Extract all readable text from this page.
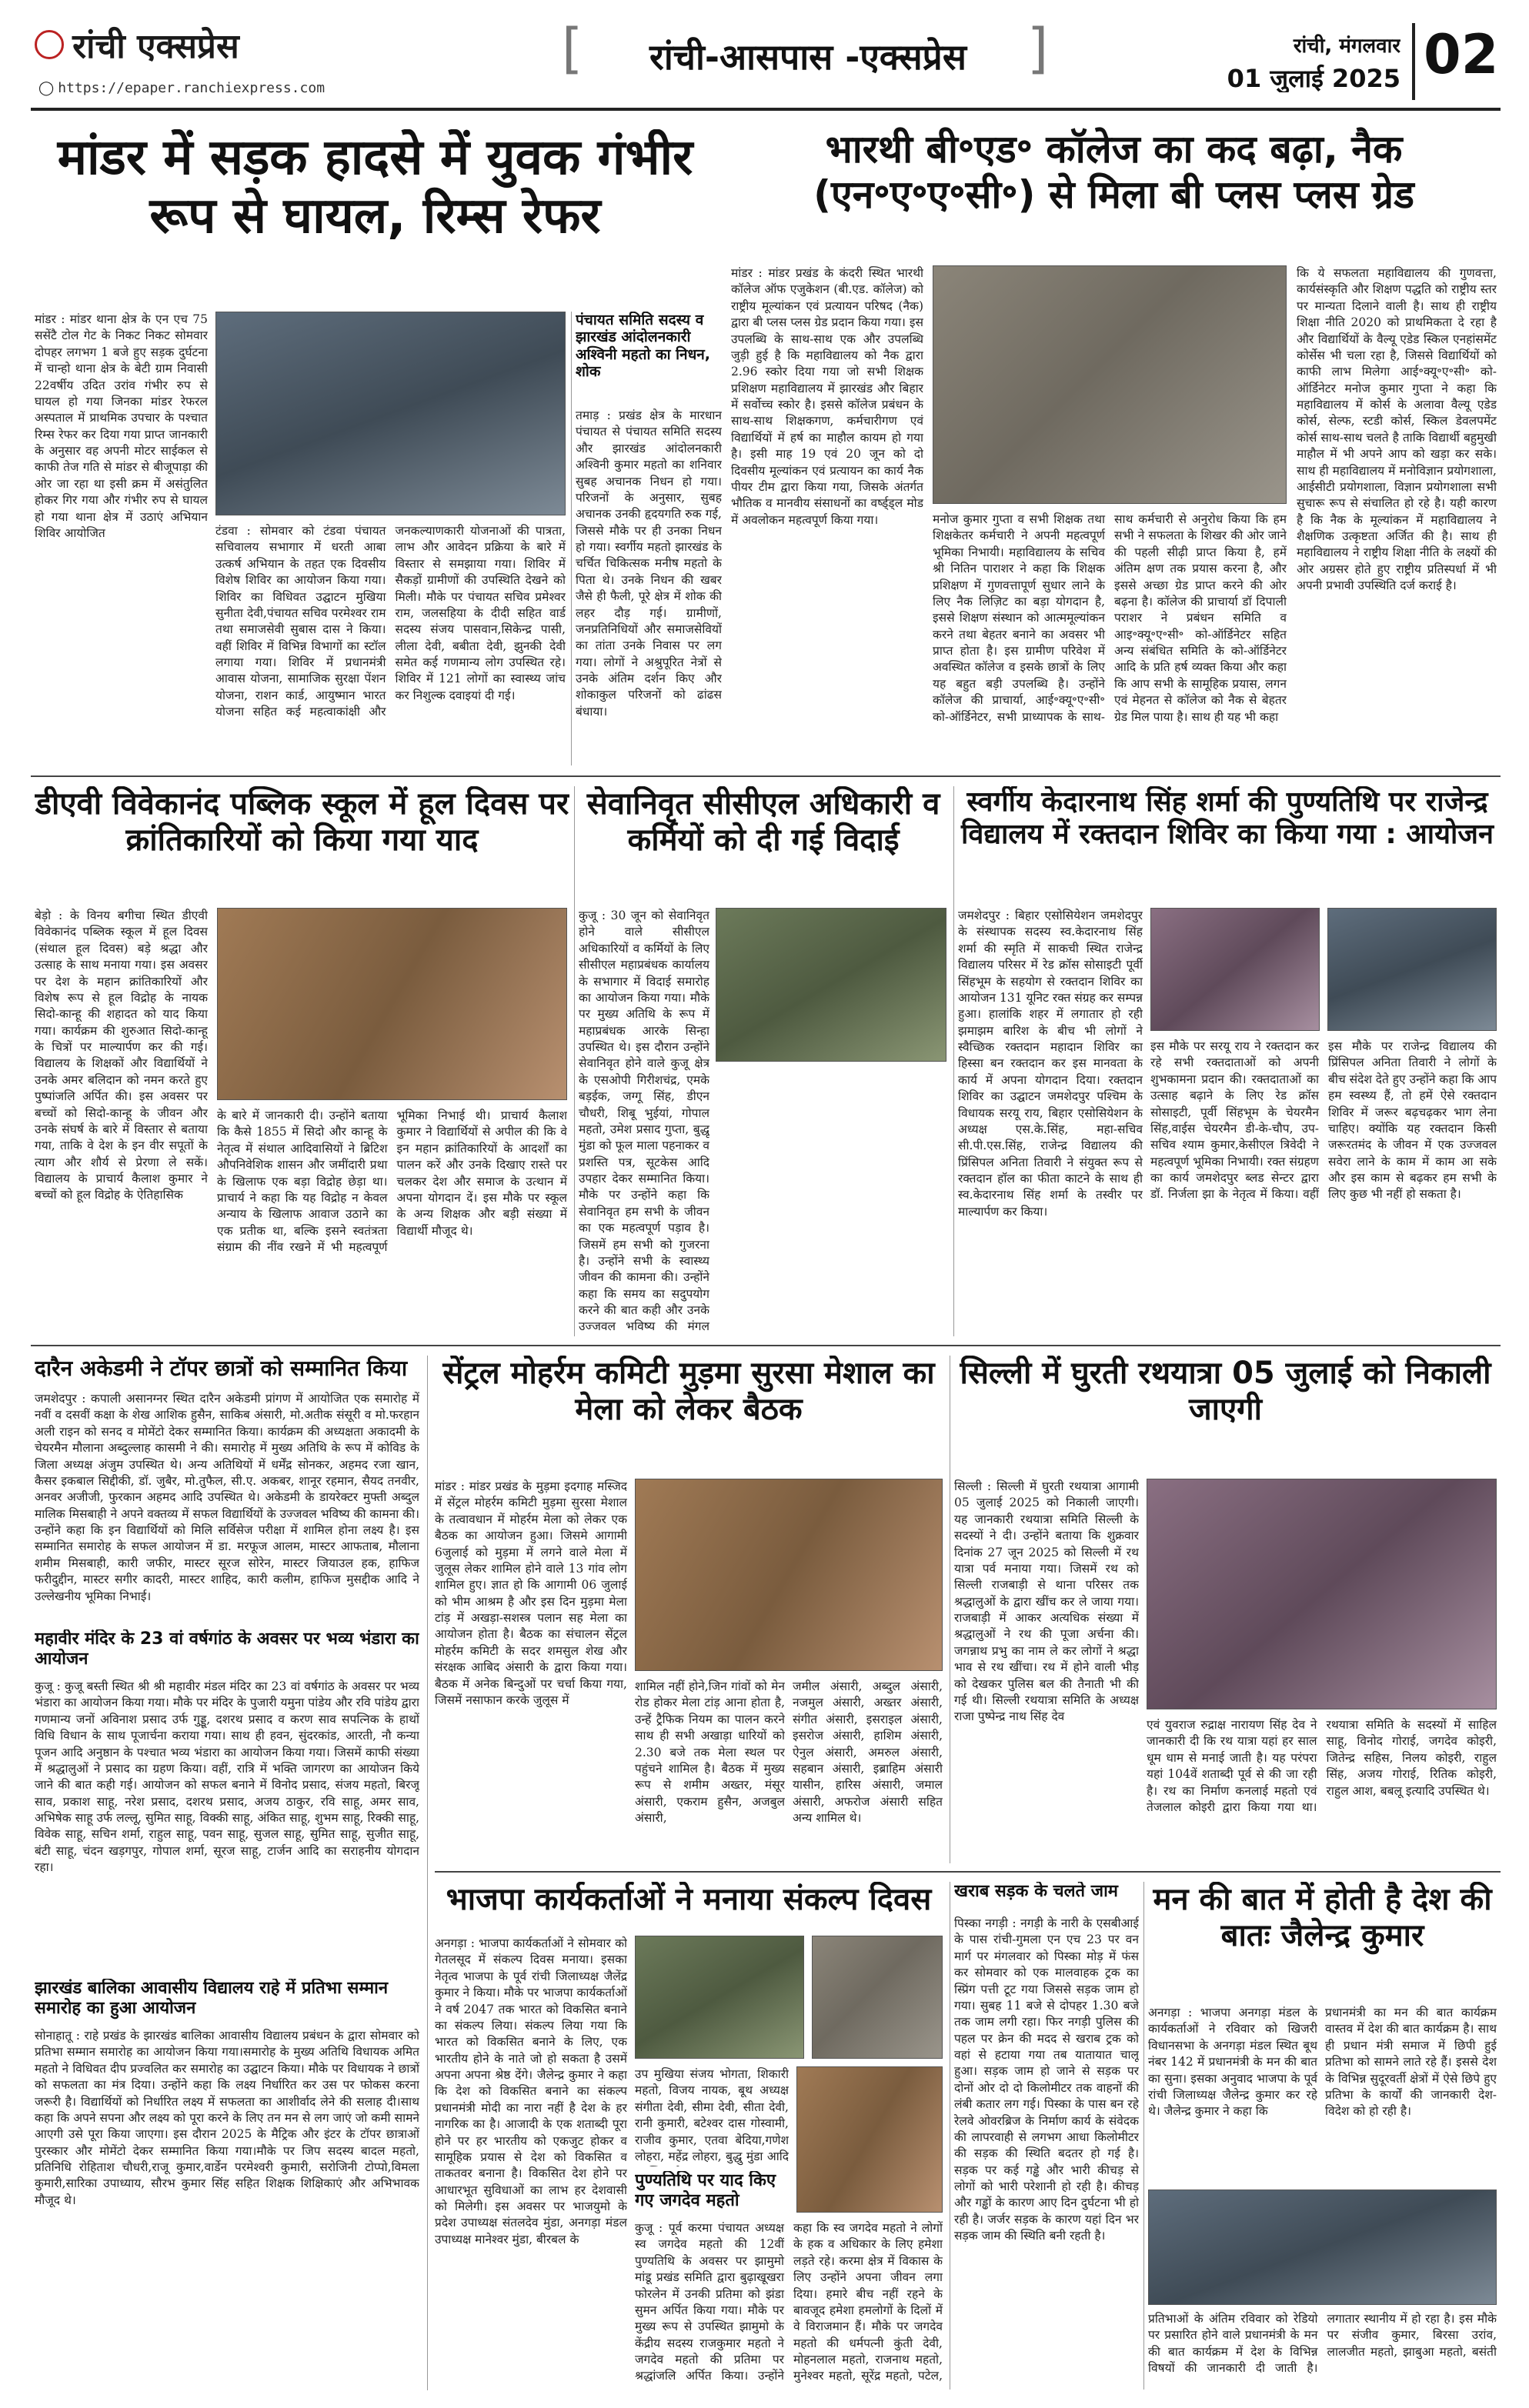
रांची एक्सप्रेस
◯ https://epaper.ranchiexpress.com
[	रांची-आसपास -एक्सप्रेस	]	रांची, मंगलवार
01 जुलाई 2025 02
मांडर में सड़क हादसे में युवक गंभीर रूप से घायल, रिम्स रेफर
मांडर : मांडर थाना क्षेत्र के एन एच 75 ससेंटै टोल गेट के निकट निकट सोमवार दोपहर लगभग 1 बजे हुए सड़क दुर्घटना में चान्हो थाना क्षेत्र के बेटी ग्राम निवासी 22वर्षीय उदित उरांव गंभीर रुप से घायल हो गया जिनका मांडर रेफरल अस्पताल में प्राथमिक उपचार के पश्चात रिम्स रेफर कर दिया गया प्राप्त जानकारी के अनुसार वह अपनी मोटर साईकल से काफी तेज गति से मांडर से बीजूपाड़ा की ओर जा रहा था इसी क्रम में असंतुलित होकर गिर गया और गंभीर रुप से घायल हो गया थाना क्षेत्र में उठाएं अभियान शिविर आयोजित	टंडवा : सोमवार को टंडवा पंचायत सचिवालय सभागार में धरती आबा उत्कर्ष अभियान के तहत एक दिवसीय विशेष शिविर का आयोजन किया गया। शिविर का विधिवत उद्घाटन मुखिया सुनीता देवी,पंचायत सचिव परमेश्वर राम तथा समाजसेवी सुबास दास ने किया। वहीं शिविर में विभिन्न विभागों का स्टॉल लगाया गया। शिविर में प्रधानमंत्री आवास योजना, सामाजिक सुरक्षा पेंशन योजना, राशन कार्ड, आयुष्मान भारत योजना सहित कई महत्वाकांक्षी और जनकल्याणकारी योजनाओं की पात्रता, लाभ और आवेदन प्रक्रिया के बारे में विस्तार से समझाया गया। शिविर में सैकड़ों ग्रामीणों की उपस्थिति देखने को मिली। मौके पर पंचायत सचिव प्रमेश्वर राम, जलसहिया के दीदी सहित वार्ड सदस्य संजय पासवान,सिकेन्द्र पासी, लीला देवी, बबीता देवी, झुनकी देवी समेत कई गणमान्य लोग उपस्थित रहे। शिविर में 121 लोगों का स्वास्थ्य जांच कर निशुल्क दवाइयां दी गई।
पंचायत समिति सदस्य व झारखंड आंदोलनकारी अश्विनी महतो का निधन, शोक
तमाड़ : प्रखंड क्षेत्र के मारधान पंचायत से पंचायत समिति सदस्य और झारखंड आंदोलनकारी अश्विनी कुमार महतो का शनिवार सुबह अचानक निधन हो गया। परिजनों के अनुसार, सुबह अचानक उनकी हृदयगति रुक गई, जिससे मौके पर ही उनका निधन हो गया। स्वर्गीय महतो झारखंड के चर्चित चिकित्सक मनीष महतो के पिता थे। उनके निधन की खबर जैसे ही फैली, पूरे क्षेत्र में शोक की लहर दौड़ गई। ग्रामीणों, जनप्रतिनिधियों और समाजसेवियों का तांता उनके निवास पर लग गया। लोगों ने अश्रुपूरित नेत्रों से उनके अंतिम दर्शन किए और शोकाकुल परिजनों को ढांढस बंधाया।
भारथी बी॰एड॰ कॉलेज का कद बढ़ा, नैक (एन॰ए॰ए॰सी॰) से मिला बी प्लस प्लस ग्रेड
मांडर : मांडर प्रखंड के कंदरी स्थित भारथी कॉलेज ऑफ एजुकेशन (बी.एड. कॉलेज) को राष्ट्रीय मूल्यांकन एवं प्रत्यायन परिषद (नैक) द्वारा बी प्लस प्लस ग्रेड प्रदान किया गया। इस उपलब्धि के साथ-साथ एक और उपलब्धि जुड़ी हुई है कि महाविद्यालय को नैक द्वारा 2.96 स्कोर दिया गया जो सभी शिक्षक प्रशिक्षण महाविद्यालय में झारखंड और बिहार में सर्वोच्च स्कोर है। इससे कॉलेज प्रबंधन के साथ-साथ शिक्षकगण, कर्मचारीगण एवं विद्यार्थियों में हर्ष का माहौल कायम हो गया है। इसी माह 19 एवं 20 जून को दो दिवसीय मूल्यांकन एवं प्रत्यायन का कार्य नैक पीयर टीम द्वारा किया गया, जिसके अंतर्गत भौतिक व मानवीय संसाधनों का वर्ष्ड्ड्ल मोड में अवलोकन महत्वपूर्ण किया गया।	मनोज कुमार गुप्ता व सभी शिक्षक तथा शिक्षकेतर कर्मचारी ने अपनी महत्वपूर्ण भूमिका निभायी। महाविद्यालय के सचिव श्री नितिन पाराशर ने कहा कि शिक्षक प्रशिक्षण में गुणवत्तापूर्ण सुधार लाने के लिए नैक लिज़िट का बड़ा योगदान है, इससे शिक्षण संस्थान को आत्ममूल्यांकन करने तथा बेहतर बनाने का अवसर भी प्राप्त होता है। इस ग्रामीण परिवेश में अवस्थित कॉलेज व इसके छात्रों के लिए यह बहुत बड़ी उपलब्धि है। उन्होंने कॉलेज की प्राचार्या, आई॰क्यू॰ए॰सी॰ को-ऑर्डिनेटर, सभी प्राध्यापक के साथ-साथ कर्मचारी से अनुरोध किया कि हम सभी ने सफलता के शिखर की ओर जाने की पहली सीढ़ी प्राप्त किया है, हमें अंतिम क्षण तक प्रयास करना है, और इससे अच्छा ग्रेड प्राप्त करने की ओर बढ़ना है। कॉलेज की प्राचार्या डॉ दिपाली पराशर ने प्रबंधन समिति व आइ॰क्यू॰ए॰सी॰ को-ऑर्डिनेटर सहित अन्य संबंधित समिति के को-ऑर्डिनेटर आदि के प्रति हर्ष व्यक्त किया और कहा कि आप सभी के सामूहिक प्रयास, लगन एवं मेहनत से कॉलेज को नैक से बेहतर ग्रेड मिल पाया है। साथ ही यह भी कहा
कि ये सफलता महाविद्यालय की गुणवत्ता, कार्यसंस्कृति और शिक्षण पद्धति को राष्ट्रीय स्तर पर मान्यता दिलाने वाली है। साथ ही राष्ट्रीय शिक्षा नीति 2020 को प्राथमिकता दे रहा है और विद्यार्थियों के वैल्यू एडेड स्किल एनहांसमेंट कोर्सेस भी चला रहा है, जिससे विद्यार्थियों को काफी लाभ मिलेगा आई॰क्यू॰ए॰सी॰ को-ऑर्डिनेटर मनोज कुमार गुप्ता ने कहा कि महाविद्यालय में कोर्स के अलावा वैल्यू एडेड कोर्स, सेल्फ, स्टडी कोर्स, स्किल डेवलपमेंट कोर्स साथ-साथ चलते है ताकि विद्यार्थी बहुमुखी माहौल में भी अपने आप को खड़ा कर सके। साथ ही महाविद्यालय में मनोविज्ञान प्रयोगशाला, आईसीटी प्रयोगशाला, विज्ञान प्रयोगशाला सभी सुचारू रूप से संचालित हो रहे है। यही कारण है कि नैक के मूल्यांकन में महाविद्यालय ने शैक्षणिक उत्कृष्टता अर्जित की है। साथ ही महाविद्यालय ने राष्ट्रीय शिक्षा नीति के लक्ष्यों की ओर अग्रसर होते हुए राष्ट्रीय प्रतिस्पर्धा में भी अपनी प्रभावी उपस्थिति दर्ज कराई है।
डीएवी विवेकानंद पब्लिक स्कूल में हूल दिवस पर क्रांतिकारियों को किया गया याद
बेड़ो : के विनय बगीचा स्थित डीएवी विवेकानंद पब्लिक स्कूल में हूल दिवस (संथाल हूल दिवस) बड़े श्रद्धा और उत्साह के साथ मनाया गया। इस अवसर पर देश के महान क्रांतिकारियों और विशेष रूप से हूल विद्रोह के नायक सिदो-कान्हू की शहादत को याद किया गया। कार्यक्रम की शुरुआत सिदो-कान्हू के चित्रों पर माल्यार्पण कर की गई। विद्यालय के शिक्षकों और विद्यार्थियों ने उनके अमर बलिदान को नमन करते हुए पुष्पांजलि अर्पित की। इस अवसर पर बच्चों को सिदो-कान्हू के जीवन और उनके संघर्ष के बारे में विस्तार से बताया गया, ताकि वे देश के इन वीर सपूतों के त्याग और शौर्य से प्रेरणा ले सकें। विद्यालय के प्राचार्य कैलाश कुमार ने बच्चों को हूल विद्रोह के ऐतिहासिक
के बारे में जानकारी दी। उन्होंने बताया कि कैसे 1855 में सिदो और कान्हू के नेतृत्व में संथाल आदिवासियों ने ब्रिटिश औपनिवेशिक शासन और जमींदारी प्रथा के खिलाफ एक बड़ा विद्रोह छेड़ा था। प्राचार्य ने कहा कि यह विद्रोह न केवल अन्याय के खिलाफ आवाज उठाने का एक प्रतीक था, बल्कि इसने स्वतंत्रता संग्राम की नींव रखने में भी महत्वपूर्ण भूमिका निभाई थी। प्राचार्य कैलाश कुमार ने विद्यार्थियों से अपील की कि वे इन महान क्रांतिकारियों के आदर्शों का पालन करें और उनके दिखाए रास्ते पर चलकर देश और समाज के उत्थान में अपना योगदान दें। इस मौके पर स्कूल के अन्य शिक्षक और बड़ी संख्या में विद्यार्थी मौजूद थे।
सेवानिवृत सीसीएल अधिकारी व कर्मियों को दी गई विदाई
कुजू : 30 जून को सेवानिवृत होने वाले सीसीएल अधिकारियों व कर्मियों के लिए सीसीएल महाप्रबंधक कार्यालय के सभागार में विदाई समारोह का आयोजन किया गया। मौके पर मुख्य अतिथि के रूप में महाप्रबंधक आरके सिन्हा उपस्थित थे। इस दौरान उन्होंने सेवानिवृत होने वाले कुजू क्षेत्र के एसओपी गिरीशचंद्र, एमके बड़ईक, जग्गू सिंह, डीएन चौधरी, शिबू भुईयां, गोपाल महतो, उमेश प्रसाद गुप्ता, बुद्धू मुंडा को फूल माला पहनाकर व प्रशस्ति पत्र, सूटकेस आदि उपहार देकर सम्मानित किया। मौके पर उन्होंने कहा कि सेवानिवृत हम सभी के जीवन का एक महत्वपूर्ण पड़ाव है। जिसमें हम सभी को गुजरना है। उन्होंने सभी के स्वास्थ्य जीवन की कामना की। उन्होंने कहा कि समय का सदुपयोग करने की बात कही और उनके उज्जवल भविष्य की मंगल
स्वर्गीय केदारनाथ सिंह शर्मा की पुण्यतिथि पर राजेन्द्र विद्यालय में रक्तदान शिविर का किया गया : आयोजन
जमशेदपुर : बिहार एसोसियेशन जमशेदपुर के संस्थापक सदस्य स्व.केदारनाथ सिंह शर्मा की स्मृति में साकची स्थित राजेन्द्र विद्यालय परिसर में रेड क्रॉस सोसाइटी पूर्वी सिंहभूम के सहयोग से रक्तदान शिविर का आयोजन 131 यूनिट रक्त संग्रह कर सम्पन्न हुआ। हालांकि शहर में लगातार हो रही झमाझम बारिश के बीच भी लोगों ने स्वैच्छिक रक्तदान महादान शिविर का हिस्सा बन रक्तदान कर इस मानवता के कार्य में अपना योगदान दिया। रक्तदान शिविर का उद्घाटन जमशेदपुर पश्चिम के विधायक सरयू राय, बिहार एसोसियेशन के अध्यक्ष एस.के.सिंह, महा-सचिव सी.पी.एस.सिंह, राजेन्द्र विद्यालय की प्रिंसिपल अनिता तिवारी ने संयुक्त रूप से रक्तदान हॉल का फीता काटने के साथ ही स्व.केदारनाथ सिंह शर्मा के तस्वीर पर माल्यार्पण कर किया।
इस मौके पर सरयू राय ने रक्तदान कर रहे सभी रक्तदाताओं को अपनी शुभकामना प्रदान की। रक्तदाताओं का उत्साह बढ़ाने के लिए रेड क्रॉस सोसाइटी, पूर्वी सिंहभूम के चेयरमैन सिंह,वाईस चेयरमैन डी-के-चौप, उप-सचिव श्याम कुमार,केसीएल त्रिवेदी ने महत्वपूर्ण भूमिका निभायी। रक्त संग्रहण का कार्य जमशेदपुर ब्लड सेन्टर द्वारा डॉ. निर्जला झा के नेतृत्व में किया। वहीं इस मौके पर राजेन्द्र विद्यालय की प्रिंसिपल अनिता तिवारी ने लोगों के बीच संदेश देते हुए उन्होंने कहा कि आप हम स्वस्थ्य हैं, तो हमें ऐसे रक्तदान शिविर में जरूर बढ़चढ़कर भाग लेना चाहिए। क्योंकि यह रक्तदान किसी जरूरतमंद के जीवन में एक उज्जवल सवेरा लाने के काम में काम आ सके और इस काम से बढ़कर हम सभी के लिए कुछ भी नहीं हो सकता है।
दारैन अकेडमी ने टॉपर छात्रों को सम्मानित किया
जमशेदपुर : कपाली असानग्नर स्थित दारैन अकेडमी प्रांगण में आयोजित एक समारोह में नवीं व दसवीं कक्षा के शेख आशिक हुसैन, साकिब अंसारी, मो.अतीक संसूरी व मो.फरहान अली राइन को सनद व मोमेंटो देकर सम्मानित किया। कार्यक्रम की अध्यक्षता अकादमी के चेयरमैन मौलाना अब्दुल्लाह कासमी ने की। समारोह में मुख्य अतिथि के रूप में कोविड के जिला अध्यक्ष अंजुम उपस्थित थे। अन्य अतिथियों में धर्मेंद्र सोनकर, अहमद रजा खान, कैसर इकबाल सिद्दीकी, डॉ. जुबैर, मो.तुफैल, सी.ए. अकबर, शानूर रहमान, सैयद तनवीर, अनवर अजीजी, फुरकान अहमद आदि उपस्थित थे। अकेडमी के डायरेक्टर मुफ्ती अब्दुल मालिक मिसबाही ने अपने वक्तव्य में सफल विद्यार्थियों के उज्जवल भविष्य की कामना की। उन्होंने कहा कि इन विद्यार्थियों को मिलि सर्विसेज परीक्षा में शामिल होना लक्ष्य है। इस सम्मानित समारोह के सफल आयोजन में डा. मरफूज आलम, मास्टर आफताब, मौलाना शमीम मिसबाही, कारी जफीर, मास्टर सूरज सोरेन, मास्टर जियाउल हक, हाफिज फरीदुद्दीन, मास्टर सगीर कादरी, मास्टर शाहिद, कारी कलीम, हाफिज मुसद्दीक आदि ने उल्लेखनीय भूमिका निभाई।
महावीर मंदिर के 23 वां वर्षगांठ के अवसर पर भव्य भंडारा का आयोजन
कुजू : कुजू बस्ती स्थित श्री श्री महावीर मंडल मंदिर का 23 वां वर्षगांठ के अवसर पर भव्य भंडारा का आयोजन किया गया। मौके पर मंदिर के पुजारी यमुना पांडेय और रवि पांडेय द्वारा गणमान्य जनों अविनाश प्रसाद उर्फ गुड्डू, दशरथ प्रसाद व करण साव सपत्निक के हाथों विधि विधान के साथ पूजार्चना कराया गया। साथ ही हवन, सुंदरकांड, आरती, नौ कन्या पूजन आदि अनुष्ठान के पश्चात भव्य भंडारा का आयोजन किया गया। जिसमें काफी संख्या में श्रद्धालुओं ने प्रसाद का ग्रहण किया। वहीं, रात्रि में भक्ति जागरण का आयोजन किये जाने की बात कही गई। आयोजन को सफल बनाने में विनोद प्रसाद, संजय महतो, बिरजू साव, प्रकाश साहू, नरेश प्रसाद, दशरथ प्रसाद, अजय ठाकुर, रवि साहू, अमर साव, अभिषेक साहू उर्फ लल्लू, सुमित साहू, विक्की साहू, अंकित साहू, शुभम साहू, रिक्की साहू, विवेक साहू, सचिन शर्मा, राहुल साहू, पवन साहू, सुजल साहू, सुमित साहू, सुजीत साहू, बंटी साहू, चंदन खड़गपुर, गोपाल शर्मा, सूरज साहू, टार्जन आदि का सराहनीय योगदान रहा।
झारखंड बालिका आवासीय विद्यालय राहे में प्रतिभा सम्मान समारोह का हुआ आयोजन
सोनाहातू : राहे प्रखंड के झारखंड बालिका आवासीय विद्यालय प्रबंधन के द्वारा सोमवार को प्रतिभा सम्मान समारोह का आयोजन किया गया।समारोह के मुख्य अतिथि विधायक अमित महतो ने विधिवत दीप प्रज्वलित कर समारोह का उद्घाटन किया। मौके पर विधायक ने छात्रों को सफलता का मंत्र दिया। उन्होंने कहा कि लक्ष्य निर्धारित कर उस पर फोकस करना जरूरी है। विद्यार्थियों को निर्धारित लक्ष्य में सफलता का आशीर्वाद लेने की सलाह दी।साथ कहा कि अपने सपना और लक्ष्य को पूरा करने के लिए तन मन से लग जाएं जो कमी सामने आएगी उसे पूरा किया जाएगा। इस दौरान 2025 के मैट्रिक और इंटर के टॉपर छात्राओं पुरस्कार और मोमेंटो देकर सम्मानित किया गया।मौके पर जिप सदस्य बादल महतो, प्रतिनिधि रोहिताश चौधरी,राजू कुमार,वार्डेन परमेश्वरी कुमारी, सरोजिनी टोप्पो,विमला कुमारी,सारिका उपाध्याय, सौरभ कुमार सिंह सहित शिक्षक शिक्षिकाएं और अभिभावक मौजूद थे।
सेंट्रल मोहर्रम कमिटी मुड़मा सुरसा मेशाल का मेला को लेकर बैठक
मांडर : मांडर प्रखंड के मुड़मा इदगाह मस्जिद में सेंट्रल मोहर्रम कमिटी मुड़मा सुरसा मेशाल के तत्वावधान में मोहर्रम मेला को लेकर एक बैठक का आयोजन हुआ। जिसमे आगामी 6जुलाई को मुड़मा में लगने वाले मेला में जुलूस लेकर शामिल होने वाले 13 गांव लोग शामिल हुए। ज्ञात हो कि आगामी 06 जुलाई को भीम आश्रम है और इस दिन मुड़मा मेला टांड़ में अखड़ा-सशस्त्र पलान सह मेला का आयोजन होता है। बैठक का संचालन सेंट्रल मोहर्रम कमिटी के सदर शमसुल शेख और संरक्षक आबिद अंसारी के द्वारा किया गया। बैठक में अनेक बिन्दुओं पर चर्चा किया गया, जिसमें नसाफान करके जुलूस में
शामिल नहीं होने,जिन गांवों को मेन रोड होकर मेला टांड़ आना होता है, उन्हें ट्रैफिक नियम का पालन करने साथ ही सभी अखाड़ा धारियों को 2.30 बजे तक मेला स्थल पर पहुंचने शामिल है। बैठक में मुख्य रूप से शमीम अख्तर, मंसूर अंसारी, एकराम हुसैन, अजबुल अंसारी,
जमील अंसारी, अब्दुल अंसारी, नजमुल अंसारी, अख्तर अंसारी, संगीत अंसारी, इसराइल अंसारी, इसरोज अंसारी, हाशिम अंसारी, ऐनुल अंसारी, अमरुल अंसारी, सहबान अंसारी, इब्राहिम अंसारी यासीन, हारिस अंसारी, जमाल अंसारी, अफरोज अंसारी सहित अन्य शामिल थे।
सिल्ली में घुरती रथयात्रा 05 जुलाई को निकाली जाएगी
सिल्ली : सिल्ली में घुरती रथयात्रा आगामी 05 जुलाई 2025 को निकाली जाएगी। यह जानकारी रथयात्रा समिति सिल्ली के सदस्यों ने दी। उन्होंने बताया कि शुक्रवार दिनांक 27 जून 2025 को सिल्ली में रथ यात्रा पर्व मनाया गया। जिसमें रथ को सिल्ली राजबाड़ी से थाना परिसर तक श्रद्धालुओं के द्वारा खींच कर ले जाया गया। राजबाड़ी में आकर अत्यधिक संख्या में श्रद्धालुओं ने रथ की पूजा अर्चना की। जगन्नाथ प्रभु का नाम ले कर लोगों ने श्रद्धा भाव से रथ खींचा। रथ में होने वाली भीड़ को देखकर पुलिस बल की तैनाती भी की गई थी। सिल्ली रथयात्रा समिति के अध्यक्ष राजा पुष्पेन्द्र नाथ सिंह देव
एवं युवराज रुद्राक्ष नारायण सिंह देव ने जानकारी दी कि रथ यात्रा यहां हर साल धूम धाम से मनाई जाती है। यह परंपरा यहां 104वें शताब्दी पूर्व से की जा रही है। रथ का निर्माण कनलाई महतो एवं तेजलाल कोइरी द्वारा किया गया था। रथयात्रा समिति के सदस्यों में साहिल साहू, विनोद गोराई, जगदेव कोइरी, जितेन्द्र सहिस, निलय कोइरी, राहुल सिंह, अजय गोराई, रितिक कोइरी, राहुल आश, बबलू इत्यादि उपस्थित थे।
भाजपा कार्यकर्ताओं ने मनाया संकल्प दिवस
अनगड़ा : भाजपा कार्यकर्ताओं ने सोमवार को गेतलसूद में संकल्प दिवस मनाया। इसका नेतृत्व भाजपा के पूर्व रांची जिलाध्यक्ष जैलेंद्र कुमार ने किया। मौके पर भाजपा कार्यकर्ताओं ने वर्ष 2047 तक भारत को विकसित बनाने का संकल्प लिया। संकल्प लिया गया कि भारत को विकसित बनाने के लिए, एक भारतीय होने के नाते जो हो सकता है उसमें अपना अपना श्रेष्ठ देंगे। जैलेन्द्र कुमार ने कहा कि देश को विकसित बनाने का संकल्प प्रधानमंत्री मोदी का नारा नहीं है देश के हर नागरिक का है। आजादी के एक शताब्दी पूरा होने पर हर भारतीय को एकजुट होकर व सामूहिक प्रयास से देश को विकसित व ताकतवर बनाना है। विकसित देश होने पर आधारभूत सुविधाओं का लाभ हर देशवासी को मिलेगी। इस अवसर पर भाजयुमो के प्रदेश उपाध्यक्ष संतलदेव मुंडा, अनगड़ा मंडल उपाध्यक्ष मानेश्वर मुंडा, बीरबल के
उप मुखिया संजय भोगता, शिकारी महतो, विजय नायक, बूथ अध्यक्ष संगीता देवी, सीमा देवी, सीता देवी, रानी कुमारी, बटेश्वर दास गोस्वामी, राजीव कुमार, एतवा बेदिया,गणेश लोहरा, महेंद्र लोहरा, बुद्धु मुंडा आदि
पुण्यतिथि पर याद किए गए जगदेव महतो
कुजू : पूर्व करमा पंचायत अध्यक्ष स्व जगदेव महतो की 12वीं पुण्यतिथि के अवसर पर झामुमो मांडू प्रखंड समिति द्वारा बुढ़ाखूखरा फोरलेन में उनकी प्रतिमा को झंडा सुमन अर्पित किया गया। मौके पर मुख्य रूप से उपस्थित झामुमो के केंद्रीय सदस्य राजकुमार महतो ने जगदेव महतो की प्रतिमा पर श्रद्धांजलि अर्पित किया। उन्होंने कहा कि स्व जगदेव महतो ने लोगों के हक व अधिकार के लिए हमेशा लड़ते रहे। करमा क्षेत्र में विकास के लिए उन्होंने अपना जीवन लगा दिया। हमारे बीच नहीं रहने के बावजूद हमेशा हमलोगों के दिलों में वे विराजमान हैं। मौके पर जगदेव महतो की धर्मपत्नी कुंती देवी, मोहनलाल महतो, राजनाथ महतो, मुनेश्वर महतो, सूरेंद्र महतो, पटेल,
खराब सड़क के चलते जाम
पिस्का नगड़ी : नगड़ी के नारी के एसबीआई के पास रांची-गुमला एन एच 23 पर वन मार्ग पर मंगलवार को पिस्का मोड़ में फंस कर सोमवार को एक मालवाहक ट्रक का स्प्रिंग पत्ती टूट गया जिससे सड़क जाम हो गया। सुबह 11 बजे से दोपहर 1.30 बजे तक जाम लगी रहा। फिर नगड़ी पुलिस की पहल पर क्रेन की मदद से खराब ट्रक को वहां से हटाया गया तब यातायात चालू हुआ। सड़क जाम हो जाने से सड़क पर दोनों ओर दो दो किलोमीटर तक वाहनों की लंबी कतार लग गई। पिस्का के पास बन रहे रेलवे ओवरब्रिज के निर्माण कार्य के संवेदक की लापरवाही से लगभग आधा किलोमीटर की सड़क की स्थिति बदतर हो गई है। सड़क पर कई गड्ढे और भारी कीचड़ से लोगों को भारी परेशानी हो रही है। कीचड़ और गड्ढों के कारण आए दिन दुर्घटना भी हो रही है। जर्जर सड़क के कारण यहां दिन भर सड़क जाम की स्थिति बनी रहती है।
मन की बात में होती है देश की बातः जैलेन्द्र कुमार
अनगड़ा : भाजपा अनगड़ा मंडल के कार्यकर्ताओं ने रविवार को खिजरी विधानसभा के अनगड़ा मंडल स्थित बूथ नंबर 142 में प्रधानमंत्री के मन की बात का सुना। इसका अनुवाद भाजपा के पूर्व रांची जिलाध्यक्ष जैलेन्द्र कुमार कर रहे थे। जैलेन्द्र कुमार ने कहा कि
प्रधानमंत्री का मन की बात कार्यक्रम वास्तव में देश की बात कार्यक्रम है। साथ ही प्रधान मंत्री समाज में छिपी हुई प्रतिभा को सामने लाते रहे हैं। इससे देश के विभिन्न सुदूरवर्ती क्षेत्रों में ऐसे छिपे हुए प्रतिभा के कार्यों की जानकारी देश-विदेश को हो रही है।
प्रतिभाओं के अंतिम रविवार को रेडियो पर प्रसारित होने वाले प्रधानमंत्री के मन की बात कार्यक्रम में देश के विभिन्न विषयों की जानकारी दी जाती है। लगातार स्थानीय में हो रहा है। इस मौके पर संजीव कुमार, बिरसा उरांव, लालजीत महतो, झाबुआ महतो, बसंती
